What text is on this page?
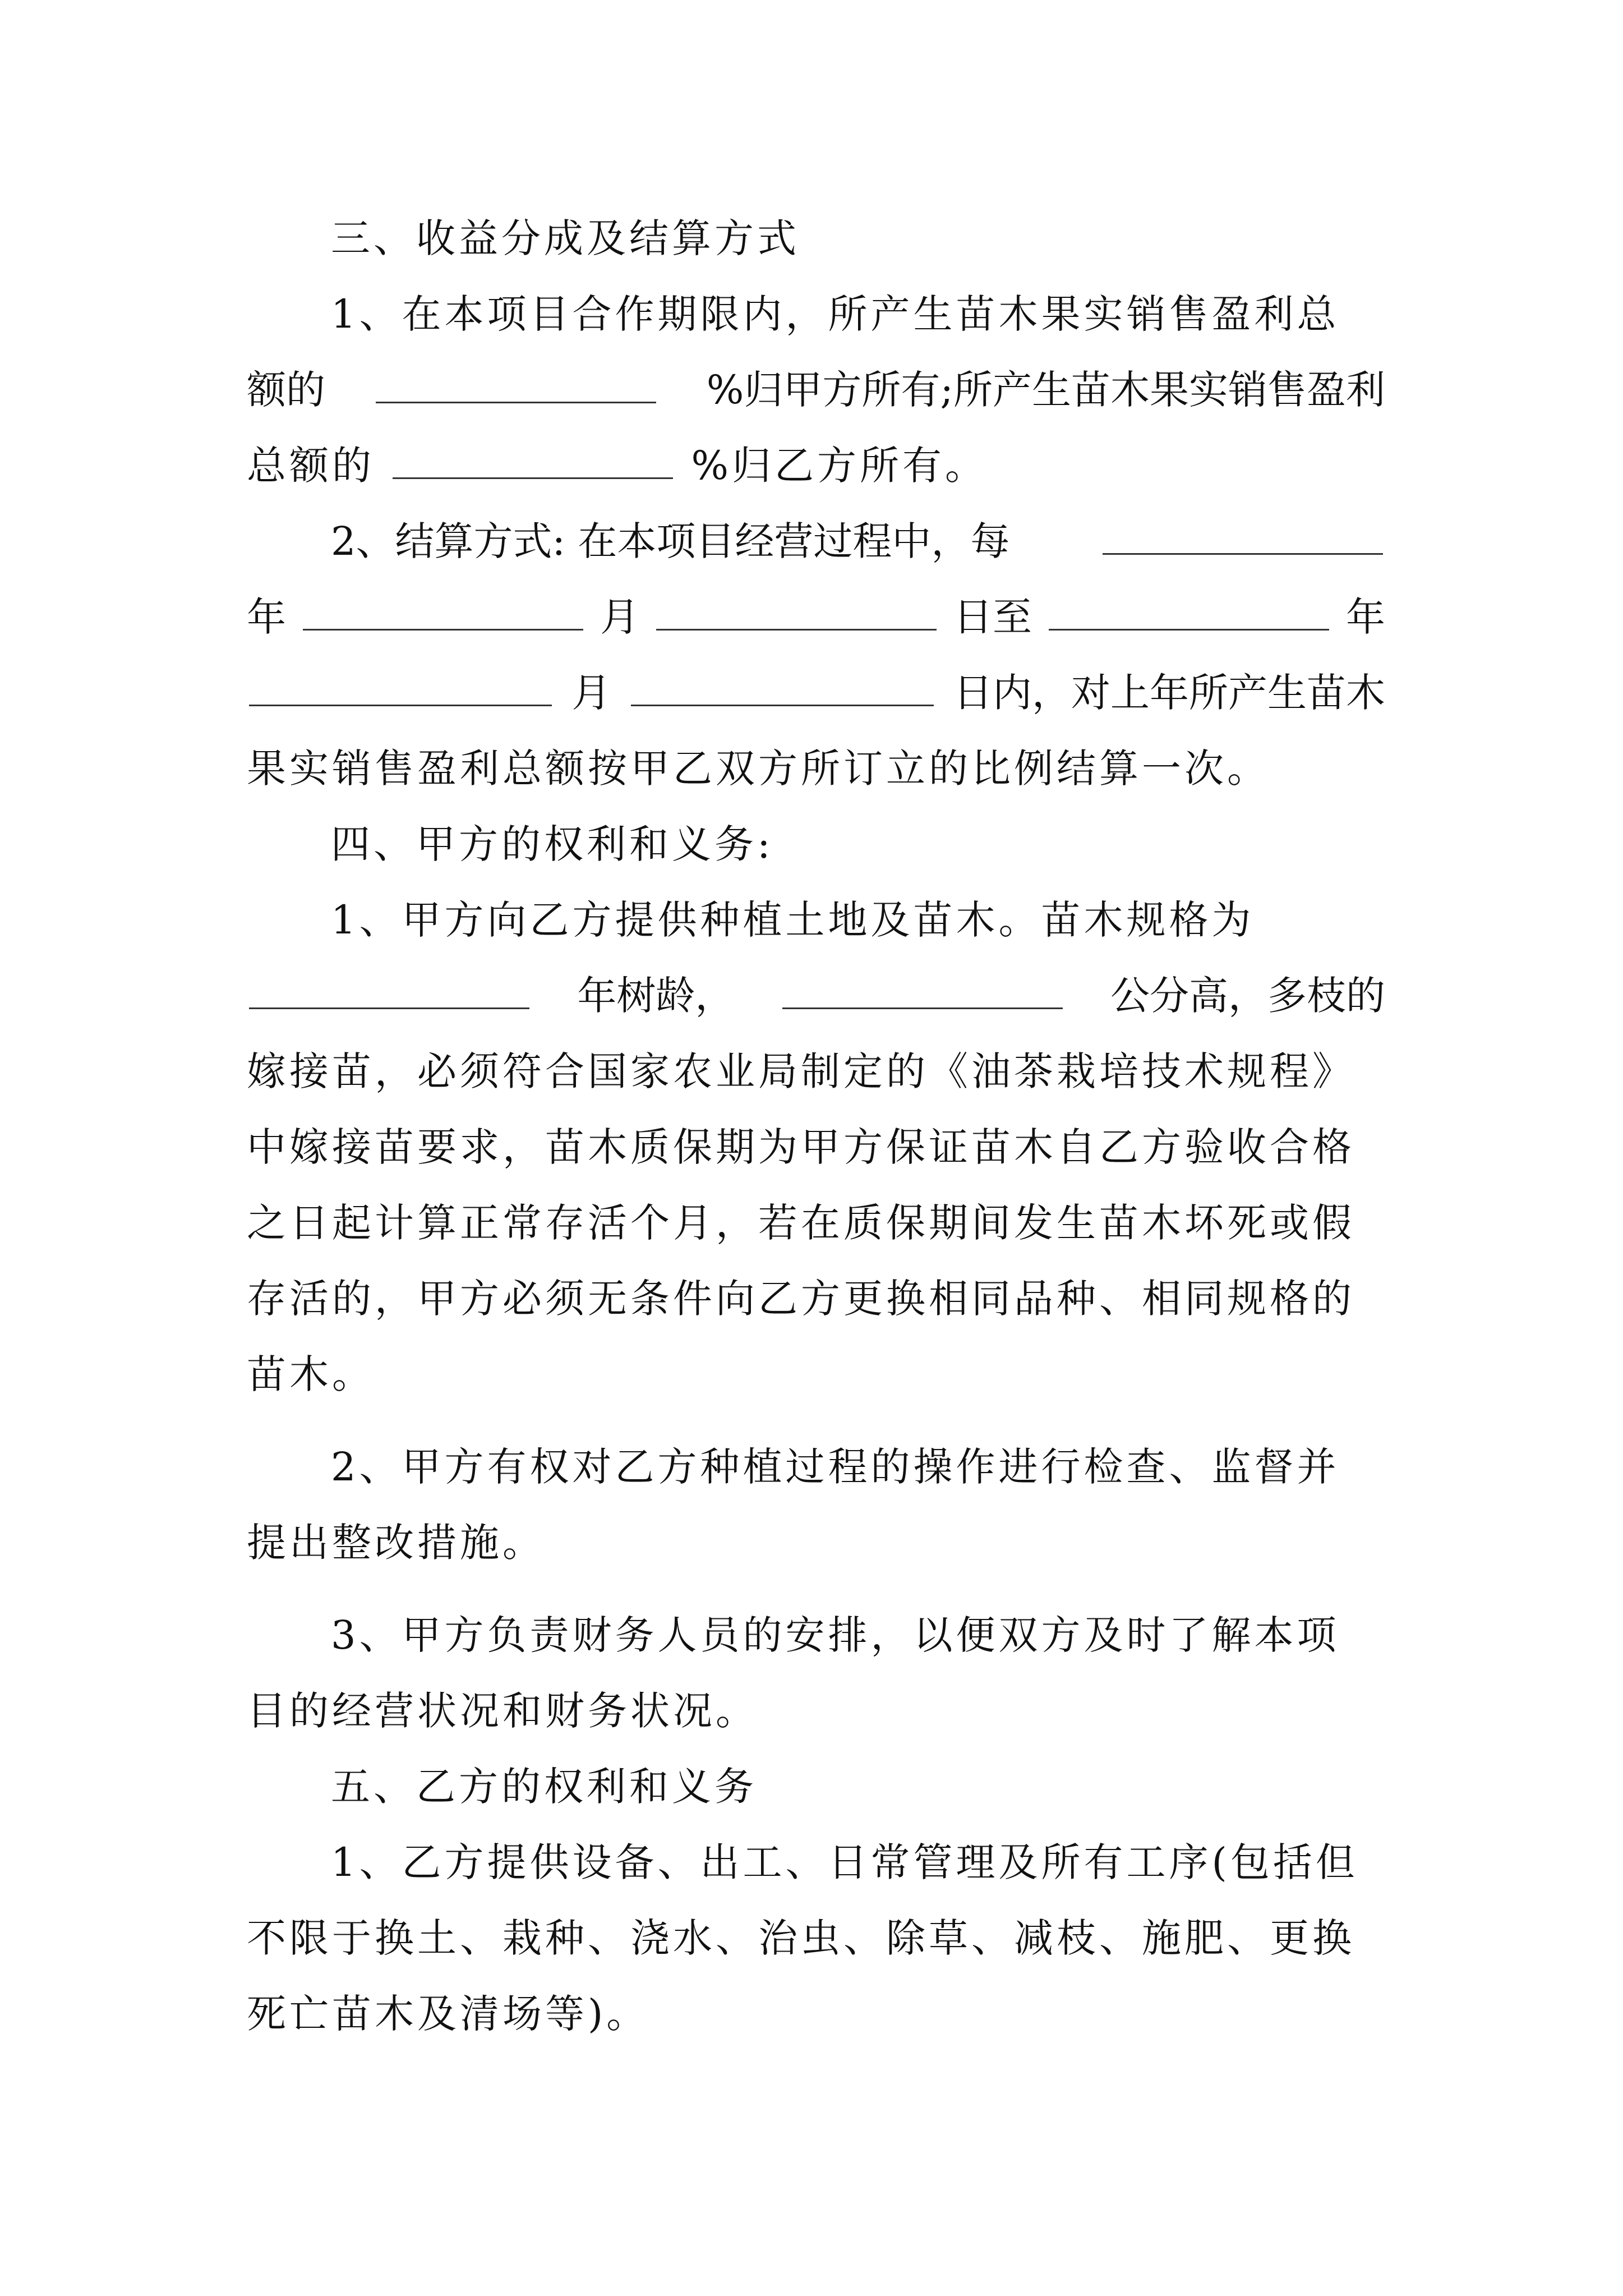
三、收益分成及结算方式
1、在本项目合作期限内，所产生苗木果实销售盈利总
额的	%归甲方所有;所产生苗木果实销售盈利
总额的	%归乙方所有。
2、结算方式: 在本项目经营过程中，每
年	月	日至	年
月	日内，对上年所产生苗木
果实销售盈利总额按甲乙双方所订立的比例结算一次。
四、甲方的权利和义务:
1、甲方向乙方提供种植土地及苗木。苗木规格为
年树龄，	公分高，多枝的
嫁接苗，必须符合国家农业局制定的《油茶栽培技术规程》
中嫁接苗要求，苗木质保期为甲方保证苗木自乙方验收合格
之日起计算正常存活个月，若在质保期间发生苗木坏死或假
存活的，甲方必须无条件向乙方更换相同品种、相同规格的
苗木。
2、甲方有权对乙方种植过程的操作进行检查、监督并
提出整改措施。
3、甲方负责财务人员的安排，以便双方及时了解本项
目的经营状况和财务状况。
五、乙方的权利和义务
1、乙方提供设备、出工、日常管理及所有工序(包括但
不限于换土、栽种、浇水、治虫、除草、减枝、施肥、更换
死亡苗木及清场等)。
